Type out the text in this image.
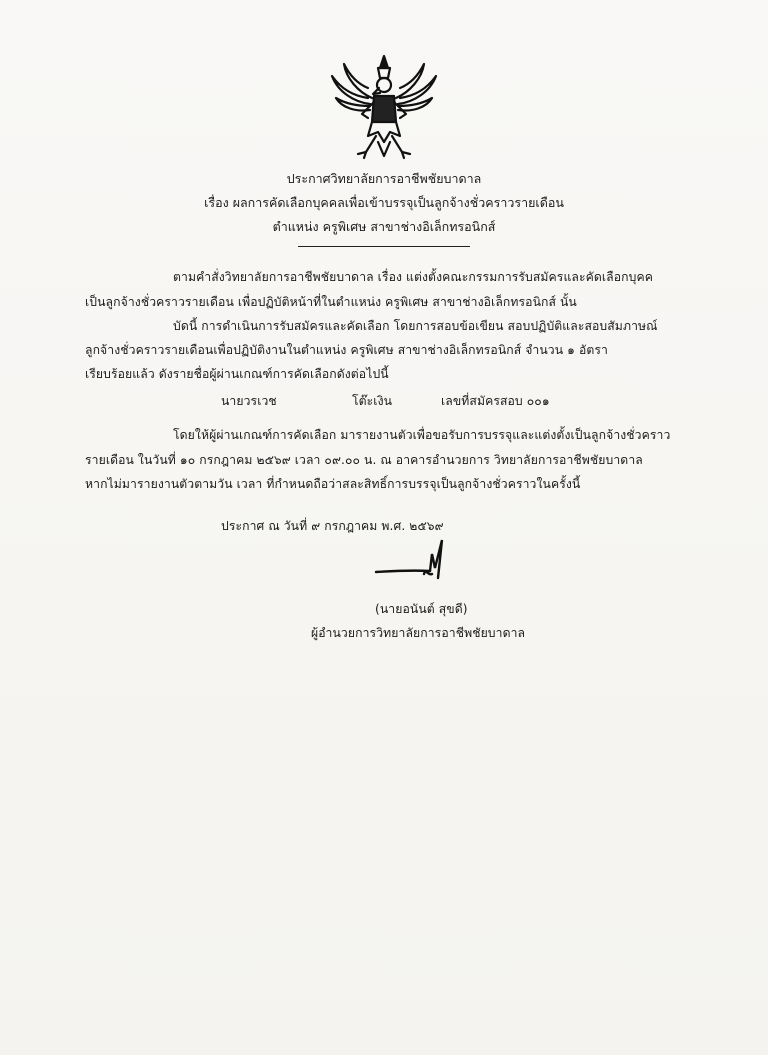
ประกาศวิทยาลัยการอาชีพชัยบาดาล
เรื่อง ผลการคัดเลือกบุคคลเพื่อเข้าบรรจุเป็นลูกจ้างชั่วคราวรายเดือน
ตำแหน่ง ครูพิเศษ สาขาช่างอิเล็กทรอนิกส์
ตามคำสั่งวิทยาลัยการอาชีพชัยบาดาล เรื่อง แต่งตั้งคณะกรรมการรับสมัครและคัดเลือกบุคค
เป็นลูกจ้างชั่วคราวรายเดือน เพื่อปฏิบัติหน้าที่ในตำแหน่ง ครูพิเศษ สาขาช่างอิเล็กทรอนิกส์ นั้น
บัดนี้ การดำเนินการรับสมัครและคัดเลือก โดยการสอบข้อเขียน สอบปฏิบัติและสอบสัมภาษณ์
ลูกจ้างชั่วคราวรายเดือนเพื่อปฏิบัติงานในตำแหน่ง ครูพิเศษ สาขาช่างอิเล็กทรอนิกส์ จำนวน ๑ อัตรา
เรียบร้อยแล้ว ดังรายชื่อผู้ผ่านเกณฑ์การคัดเลือกดังต่อไปนี้
นายวรเวช	โต๊ะเงิน	เลขที่สมัครสอบ ๐๐๑
โดยให้ผู้ผ่านเกณฑ์การคัดเลือก มารายงานตัวเพื่อขอรับการบรรจุและแต่งตั้งเป็นลูกจ้างชั่วคราว
รายเดือน ในวันที่ ๑๐ กรกฎาคม ๒๕๖๙ เวลา ๐๙.๐๐ น. ณ อาคารอำนวยการ วิทยาลัยการอาชีพชัยบาดาล
หากไม่มารายงานตัวตามวัน เวลา ที่กำหนดถือว่าสละสิทธิ์การบรรจุเป็นลูกจ้างชั่วคราวในครั้งนี้
ประกาศ ณ วันที่ ๙ กรกฎาคม พ.ศ. ๒๕๖๙
(นายอนันต์ สุขดี)
ผู้อำนวยการวิทยาลัยการอาชีพชัยบาดาล
